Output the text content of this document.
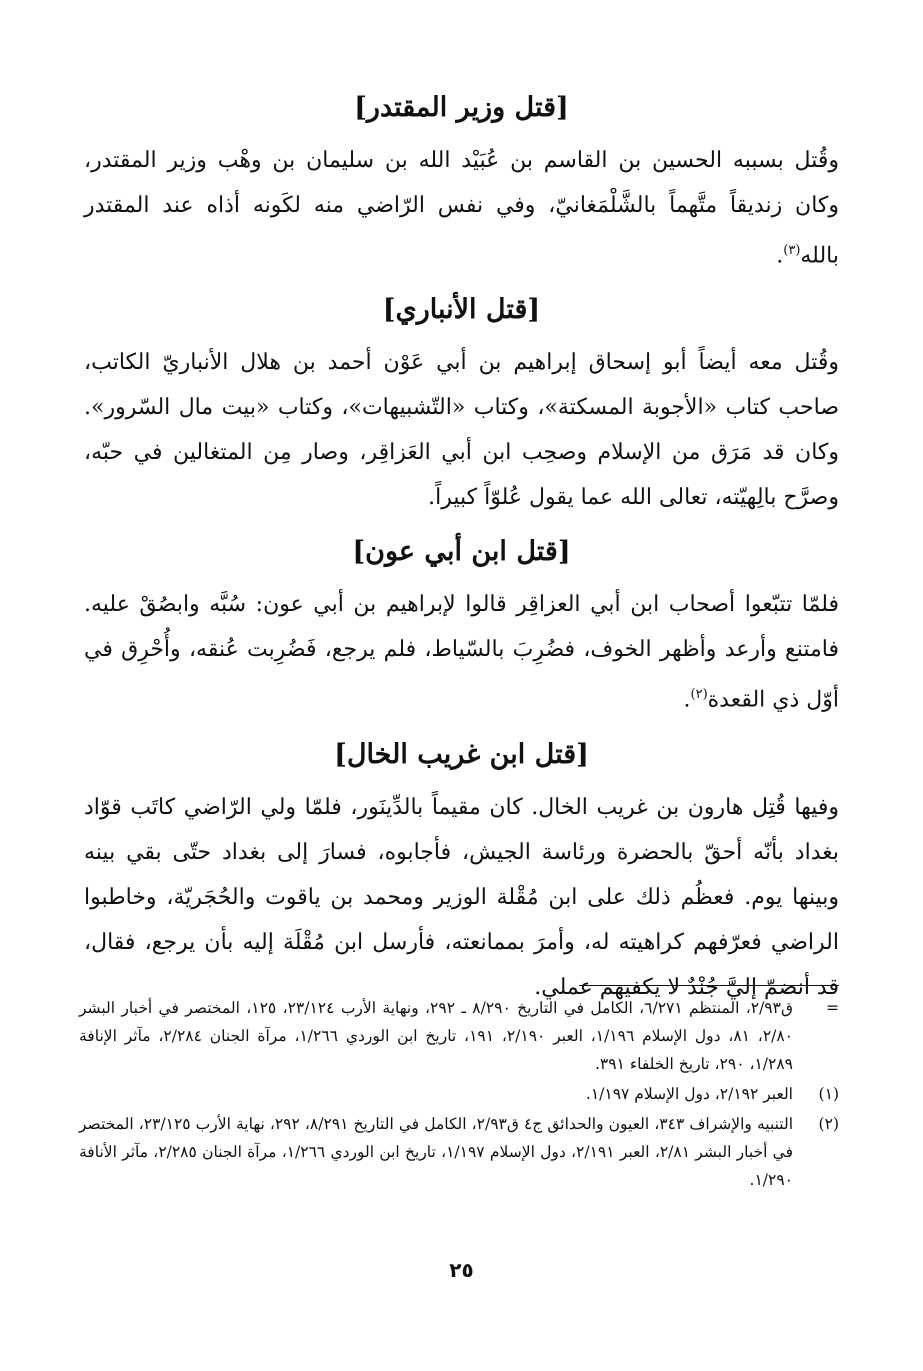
[قتل وزير المقتدر]

وقُتل بسببه الحسين بن القاسم بن عُبَيْد الله بن سليمان بن وهْب وزير المقتدر، وكان زنديقاً متَّهماً بالشَّلْمَغانيّ، وفي نفس الرّاضي منه لكَونه أذاه عند المقتدر بالله$^{(٣)}$.

[قتل الأنباري]

وقُتل معه أيضاً أبو إسحاق إبراهيم بن أبي عَوْن أحمد بن هلال الأنباريّ الكاتب، صاحب كتاب «الأجوبة المسكتة»، وكتاب «التّشبيهات»، وكتاب «بيت مال السّرور». وكان قد مَرَق من الإسلام وصحِب ابن أبي العَزاقِر، وصار مِن المتغالين في حبّه، وصرَّح بالِهيّته، تعالى الله عما يقول عُلوّاً كبيراً.

[قتل ابن أبي عون]

فلمّا تتبّعوا أصحاب ابن أبي العزاقِر قالوا لإبراهيم بن أبي عون: سُبَّه وابصُقْ عليه. فامتنع وأرعد وأظهر الخوف، فضُرِبَ بالسّياط، فلم يرجع، فَضُرِبت عُنقه، وأُحْرِق في أوّل ذي القعدة$^{(٢)}$.

[قتل ابن غريب الخال]

وفيها قُتِل هارون بن غريب الخال. كان مقيماً بالدِّينَور، فلمّا ولي الرّاضي كاتَب قوّاد بغداد بأنّه أحقّ بالحضرة ورئاسة الجيش، فأجابوه، فسارَ إلى بغداد حتّى بقي بينه وبينها يوم. فعظُم ذلك على ابن مُقْلة الوزير ومحمد بن ياقوت والحُجَريّة، وخاطبوا الراضي فعرّفهم كراهيته له، وأمرَ بممانعته، فأرسل ابن مُقْلَة إليه بأن يرجع، فقال، قد أنضمّ إليَّ جُنْدٌ لا يكفيهم عملي.

=
ق٢/٩٣، المنتظم ٦/٢٧١، الكامل في التاريخ ٨/٢٩٠ ـ ٢٩٢، ونهاية الأرب ٢٣/١٢٤، ١٢٥، المختصر في أخبار البشر ٢/٨٠، ٨١، دول الإسلام ١/١٩٦، العبر ٢/١٩٠، ١٩١، تاريخ ابن الوردي ١/٢٦٦، مرآة الجنان ٢/٢٨٤، مآثر الإنافة ١/٢٨٩، ٢٩٠، تاريخ الخلفاء ٣٩١.
(١)
العبر ٢/١٩٢، دول الإسلام ١/١٩٧.
(٢)
التنبيه والإشراف ٣٤٣، العيون والحدائق ج٤ ق٢/٩٣، الكامل في التاريخ ٨/٢٩١، ٢٩٢، نهاية الأرب ٢٣/١٢٥، المختصر في أخبار البشر ٢/٨١، العبر ٢/١٩١، دول الإسلام ١/١٩٧، تاريخ ابن الوردي ١/٢٦٦، مرآة الجنان ٢/٢٨٥، مآثر الأنافة ١/٢٩٠.
٢٥
